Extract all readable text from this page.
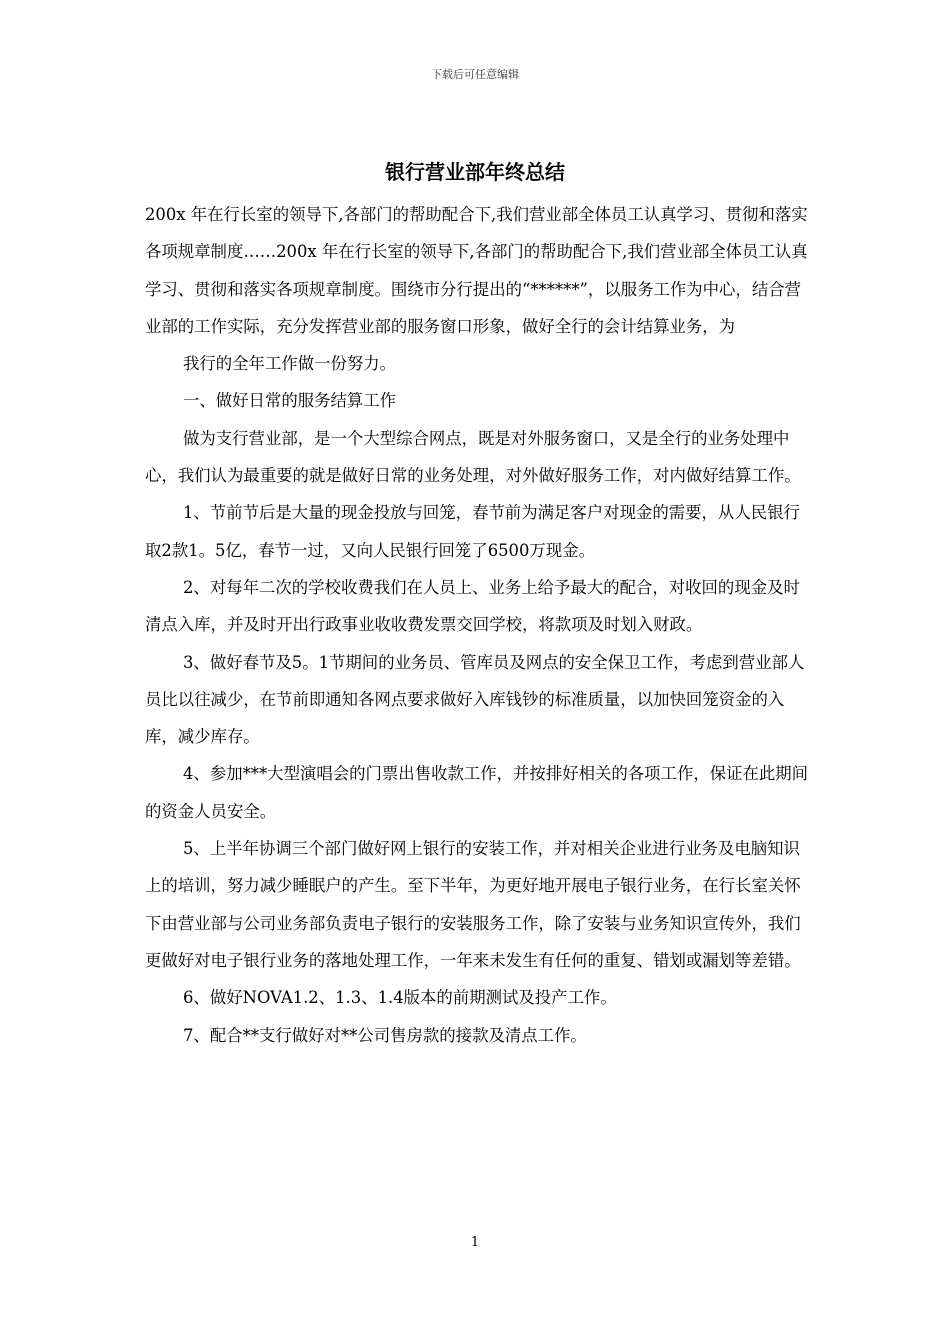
下载后可任意编辑
银行营业部年终总结

200x 年在行长室的领导下,各部门的帮助配合下,我们营业部全体员工认真学习、贯彻和落实各项规章制度……200x 年在行长室的领导下,各部门的帮助配合下,我们营业部全体员工认真学习、贯彻和落实各项规章制度。围绕市分行提出的“******”，以服务工作为中心，结合营业部的工作实际，充分发挥营业部的服务窗口形象，做好全行的会计结算业务，为

我行的全年工作做一份努力。

一、做好日常的服务结算工作

做为支行营业部，是一个大型综合网点，既是对外服务窗口，又是全行的业务处理中心，我们认为最重要的就是做好日常的业务处理，对外做好服务工作，对内做好结算工作。

1、节前节后是大量的现金投放与回笼，春节前为满足客户对现金的需要，从人民银行取2款1。5亿，春节一过，又向人民银行回笼了6500万现金。

2、对每年二次的学校收费我们在人员上、业务上给予最大的配合，对收回的现金及时清点入库，并及时开出行政事业收收费发票交回学校，将款项及时划入财政。

3、做好春节及5。1节期间的业务员、管库员及网点的安全保卫工作，考虑到营业部人员比以往减少，在节前即通知各网点要求做好入库钱钞的标准质量，以加快回笼资金的入库，减少库存。

4、参加***大型演唱会的门票出售收款工作，并按排好相关的各项工作，保证在此期间的资金人员安全。

5、上半年协调三个部门做好网上银行的安装工作，并对相关企业进行业务及电脑知识上的培训，努力减少睡眠户的产生。至下半年，为更好地开展电子银行业务，在行长室关怀下由营业部与公司业务部负责电子银行的安装服务工作，除了安装与业务知识宣传外，我们更做好对电子银行业务的落地处理工作，一年来未发生有任何的重复、错划或漏划等差错。

6、做好NOVA1.2、1.3、1.4版本的前期测试及投产工作。

7、配合**支行做好对**公司售房款的接款及清点工作。

1
